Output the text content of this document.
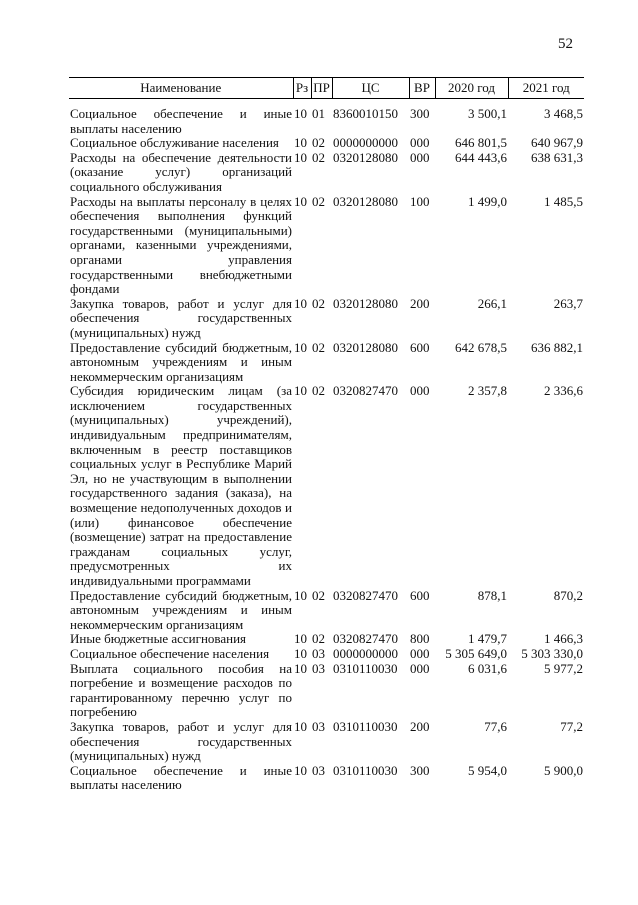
52
Наименование	Рз	ПР	ЦС	ВР	2020 год	2021 год
Социальное обеспечение и иные выплаты населению	10	01	8360010150	300	3 500,1	3 468,5
Социальное обслуживание населения	10	02	0000000000	000	646 801,5	640 967,9
Расходы на обеспечение деятельности (оказание услуг) организаций социального обслуживания	10	02	0320128080	000	644 443,6	638 631,3
Расходы на выплаты персоналу в целях обеспечения выполнения функций государственными (муниципальными) органами, казенными учреждениями, органами управления государственными внебюджетными фондами	10	02	0320128080	100	1 499,0	1 485,5
Закупка товаров, работ и услуг для обеспечения государственных (муниципальных) нужд	10	02	0320128080	200	266,1	263,7
Предоставление субсидий бюджетным, автономным учреждениям и иным некоммерческим организациям	10	02	0320128080	600	642 678,5	636 882,1
Субсидия юридическим лицам (за исключением государственных (муниципальных) учреждений), индивидуальным предпринимателям, включенным в реестр поставщиков социальных услуг в Республике Марий Эл, но не участвующим в выполнении государственного задания (заказа), на возмещение недополученных доходов и (или) финансовое обеспечение (возмещение) затрат на предоставление гражданам социальных услуг, предусмотренных их индивидуальными программами	10	02	0320827470	000	2 357,8	2 336,6
Предоставление субсидий бюджетным, автономным учреждениям и иным некоммерческим организациям	10	02	0320827470	600	878,1	870,2
Иные бюджетные ассигнования	10	02	0320827470	800	1 479,7	1 466,3
Социальное обеспечение населения	10	03	0000000000	000	5 305 649,0	5 303 330,0
Выплата социального пособия на погребение и возмещение расходов по гарантированному перечню услуг по погребению	10	03	0310110030	000	6 031,6	5 977,2
Закупка товаров, работ и услуг для обеспечения государственных (муниципальных) нужд	10	03	0310110030	200	77,6	77,2
Социальное обеспечение и иные выплаты населению	10	03	0310110030	300	5 954,0	5 900,0
